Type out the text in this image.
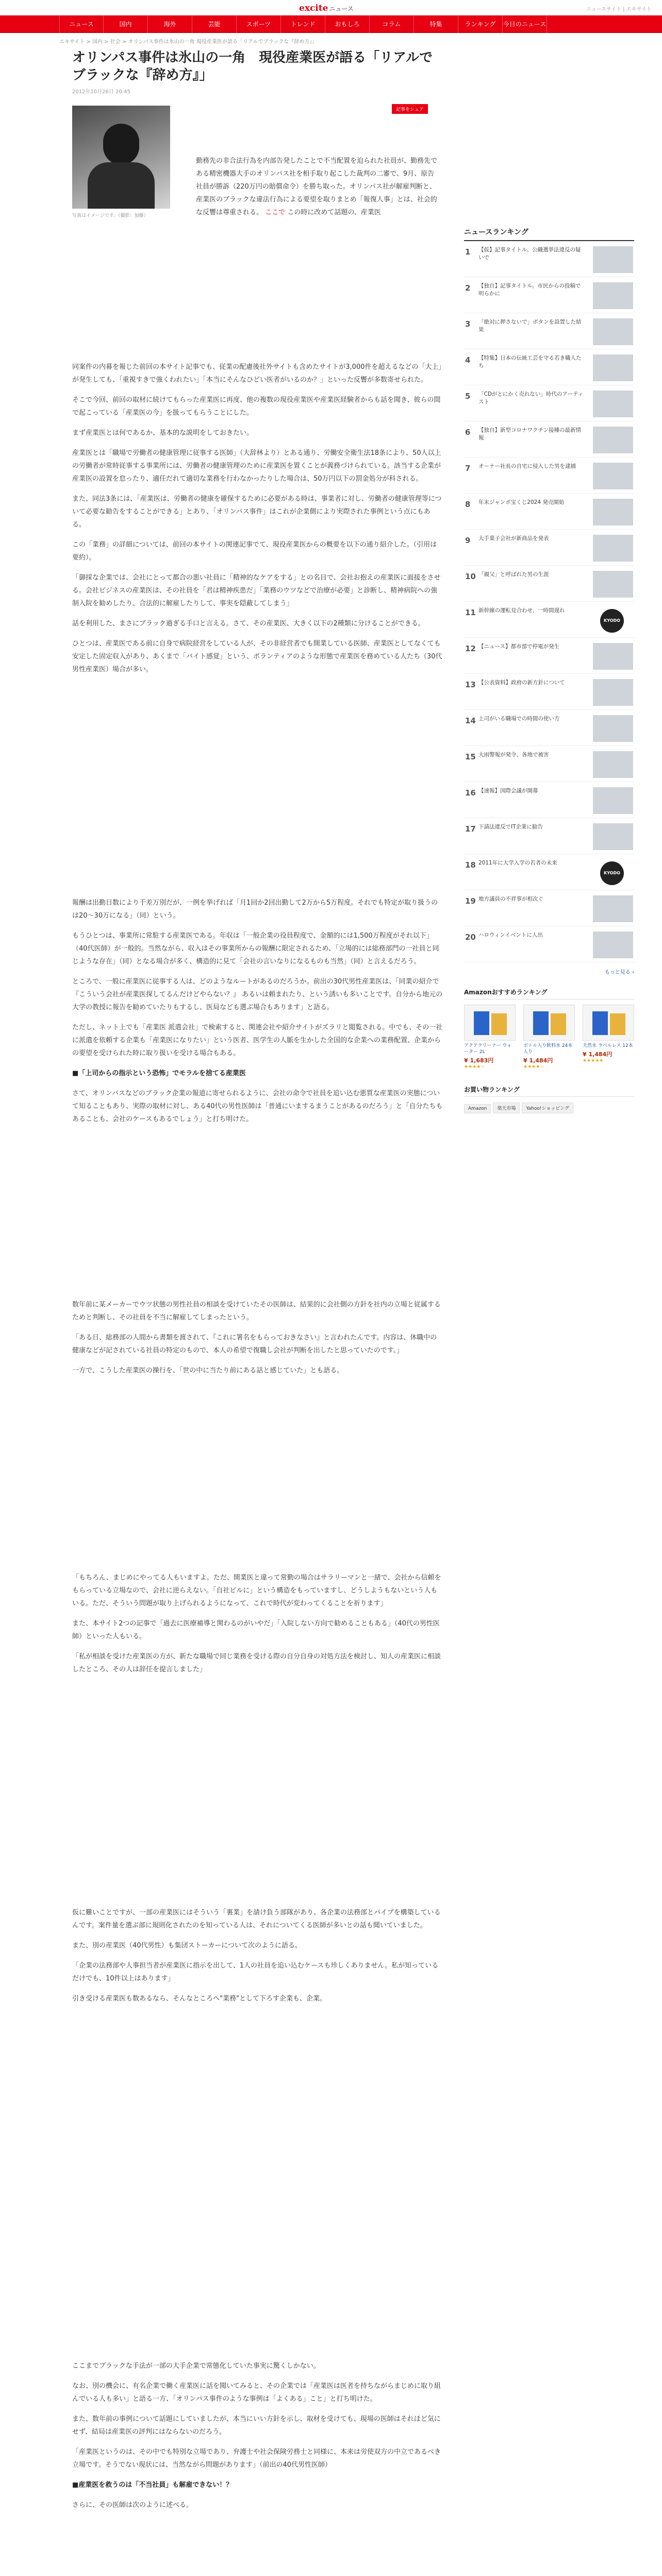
excite ニュース	ニュースサイト | エキサイト
ニュース	国内	海外	芸能	スポーツ	トレンド	おもしろ	コラム	特集	ランキング	今日のニュース
エキサイト > 国内 > 社会 > オリンパス事件は氷山の一角 現役産業医が語る「リアルでブラックな『辞め方』」
オリンパス事件は氷山の一角　現役産業医が語る「リアルでブラックな『辞め方』」
2012年10月26日 20:45
記事をシェア
写真はイメージです。（撮影：加藤）
勤務先の非合法行為を内部告発したことで不当配置を迫られた社員が、勤務先である精密機器大手のオリンパス社を相手取り起こした裁判の二審で、9月、原告社員が勝訴（220万円の賠償命令）を勝ち取った。オリンパス社が解雇判断と、産業医のブラックな違法行為による要望を取りまとめ「報復人事」とは、社会的な反響は尊重される。 ここで この時に改めて話題の、産業医

同案件の内幕を報じた前回の本サイト記事でも、従業の配慮後社外サイトも含めたサイトが3,000件を超えるなどの「大上」が発生しても、「重視すきで強くわれたい」「本当にそんなひどい医者がいるのか？」といった反響が多数寄せられた。

そこで今回、前回の取材に続けてもらった産業医に再度、他の複数の現役産業医や産業医経験者からも話を聞き、彼らの間で起こっている「産業医の今」を扱ってもらうことにした。

まず産業医とは何であるか、基本的な説明をしておきたい。

産業医とは「職場で労働者の健康管理に従事する医師」（大辞林より）とある通り、労働安全衛生法18条により、50人以上の労働者が常時従事する事業所には、労働者の健康管理のために産業医を置くことが義務づけられている。該当する企業が産業医の設置を怠ったり、適任だれて適切な業務を行わなかったりした場合は、50万円以下の罰金処分が科される。

また、同法3条には、「産業医は、労働者の健康を確保するために必要がある時は、事業者に対し、労働者の健康管理等について必要な勧告をすることができる」とあり、「オリンパス事件」はこれが企業側により実際された事例という点にもある。

この「業務」の詳細については、前回の本サイトの関連記事でて、現役産業医からの概要を以下の通り紹介した。（引用は要約）。

「御採な企業では、会社にとって都合の悪い社員に「精神的なケアをする」との名目で、会社お抱えの産業医に面接をさせる。会社ビジネスの産業医は、その社員を「君は精神疾患だ」「業務のウツなどで治療が必要」と診断し、精神病院への強制入院を勧めしたり、合法的に解雇したりして、事実を隠蔽してしまう」

話を利用した、まさにブラック過ぎる手口と言える。さて、その産業医、大きく以下の2種類に分けることができる。

ひとつは、産業医である前に自身で病院経営をしている人が、その非経営者でも開業している医師、産業医としてなくても安定した固定収入があり、あくまで「バイト感覚」という、ボランティアのような形態で産業医を務めている人たち（30代男性産業医）場合が多い。

報酬は出勤日数により千差万別だが、一例を挙げれば「月1回か2回出勤して2万から5万程度。それでも特定が取り扱うのは20～30万になる」（同）という。

もうひとつは、事業所に常駐する産業医である。年収は「一般企業の役員程度で、金額的には1,500万程度がそれ以下」（40代医師）が一般的。当然ながら、収入はその事業所からの報酬に限定されるため、「立場的には総務部門の一社員と同じような存在」（同）となる場合が多く、構造的に見て「会社の言いなりになるものも当然」（同）と言えるだろう。

ところで、一般に産業医に従事する人は、どのようなルートがあるのだろうか。前出の30代男性産業医は、「同業の紹介で『こういう会社が産業医探してるんだけどやらない？』 あるいは頼まれたり、という誘いも多いことです。自分から地元の大学の教授に報告を勧めていたりもするし、医局なども選ぶ場合もあります」と語る。

ただし、ネット上でも「産業医 派遣会社」で検索すると、関連会社や紹介サイトがズラリと閲覧される。中でも、その一社に派遣を依頼する企業も「産業医になりたい」という医者、医学生の人脈を生かした全国的な企業への業務配置、企業からの要望を受けられた時に取り扱いを受ける場合もある。

■「上司からの指示という恐怖」でモラルを捨てる産業医

さて、オリンパスなどのブラック企業の報道に寄せられるように、会社の命令で社員を追い込む悪質な産業医の実態について知ることもあり、実際の取材に対し、ある40代の男性医師は「普通にいまするまうことがあるのだろう」と「自分たちもあることも、会社のケースもあるでしょう」と打ち明けた。

数年前に某メーカーでウツ状態の男性社員の相談を受けていたその医師は、結果的に会社側の方針を社内の立場と従属するためと判断し、その社員を不当に解雇してしまったという。

「ある日、総務部の人間から書類を渡されて、『これに署名をもらっておきなさい』と言われたんです。内容は、休職中の健康などが記されている社員の特定のもので、本人の希望で復職し会社が判断を出したと思っていたのです。」

一方で、こうした産業医の操行を、「世の中に当たり前にある話と感じていた」とも語る。

「もちろん、まじめにやってる人もいますよ。ただ、開業医と違って常勤の場合はサラリーマンと一緒で、会社から信頼をもらっている立場なので、会社に逆らえない。「自社ビルに」という構造をもっていますし、どうしようもないという人もいる。ただ、そういう問題が取り上げられるようになって、これで時代が変わってくることを祈ります」

また、本サイト2つの記事で「過去に医療補導と関わるのがいやだ」「入院しない方向で勧めることもある」（40代の男性医師）といった人もいる。

「私が相談を受けた産業医の方が、新たな職場で同じ業務を受ける際の自分自身の対処方法を検討し、知人の産業医に相談したところ、その人は辞任を提言しました」

仮に難いことですが、一部の産業医にはそういう「裏業」を請け負う部隊があり、各企業の法務部とパイプを構築しているんです。案件量を選ぶ部に規則化されたのを知っている人は、それについてくる医師が多いとの話も聞いていました。

また、別の産業医（40代男性）も集団ストーカーについて次のように語る。

「企業の法務部や人事担当者が産業医に指示を出して、1人の社員を追い込むケースも珍しくありません。私が知っているだけでも、10件以上はあります」

引き受ける産業医も数あるなら、そんなところへ"業務"として下ろす企業も、企業。

ここまでブラックな手法が一部の大手企業で常態化していた事実に驚くしかない。

なお、別の機会に、有名企業で働く産業医に話を聞いてみると、その企業では「産業医は医者を持ちながらまじめに取り組んでいる人も多い」と語る一方、「オリンパス事件のような事例は「よくある」こと」と打ち明けた。

また、数年前の事例について話題にしていましたが、本当にいい方針を示し、取材を受けても、現場の医師はそれほど気にせず、結局は産業医の評判にはならないのだろう。

「産業医というのは、その中でも特別な立場であり、弁護士や社会保険労務士と同様に、本来は労使双方の中立であるべき立場です。そうでない現状には、当然ながら問題があります」（前出の40代男性医師）

■産業医を救うのは「不当社員」も解雇できない！？

さらに、その医師は次のように述べる。

ニュースランキング
1 【仮】記事タイトル。公職選挙法違反の疑いで
2 【独自】記事タイトル。市民からの投稿で明らかに
3 「絶対に押さないで」ボタンを設置した結果
4 【特集】日本の伝統工芸を守る若き職人たち
5 「CDがとにかく売れない」時代のアーティスト
6 【独自】新型コロナワクチン接種の最新情報
7 オーナー社長の自宅に侵入した男を逮捕
8 年末ジャンボ宝くじ2024 発売開始
9 大手菓子会社が新商品を発表
10 「親父」と呼ばれた男の生涯
11 新幹線の運転見合わせ、一時間遅れ
KYODO
12 【ニュース】都市部で停電が発生
13 【公表資料】政府の新方針について
14 上司がいる職場での時間の使い方
15 大雨警報が発令、各地で被害
16 【速報】国際会議が開幕
17 下請法違反でIT企業に勧告
18 2011年に大学入学の若者の未来
KYODO
19 地方議員の不祥事が相次ぐ
20 ハロウィンイベントに人出
もっと見る ›
Amazonおすすめランキング
アクアクリーナー ウォーター 2L
¥ 1,683円
★★★★☆
ボトル入り飲料水 24本入り
¥ 1,484円
★★★★☆
天然水 ラベルレス 12本
¥ 1,484円
★★★★★
お買い物ランキング
Amazon 楽天市場 Yahoo!ショッピング
